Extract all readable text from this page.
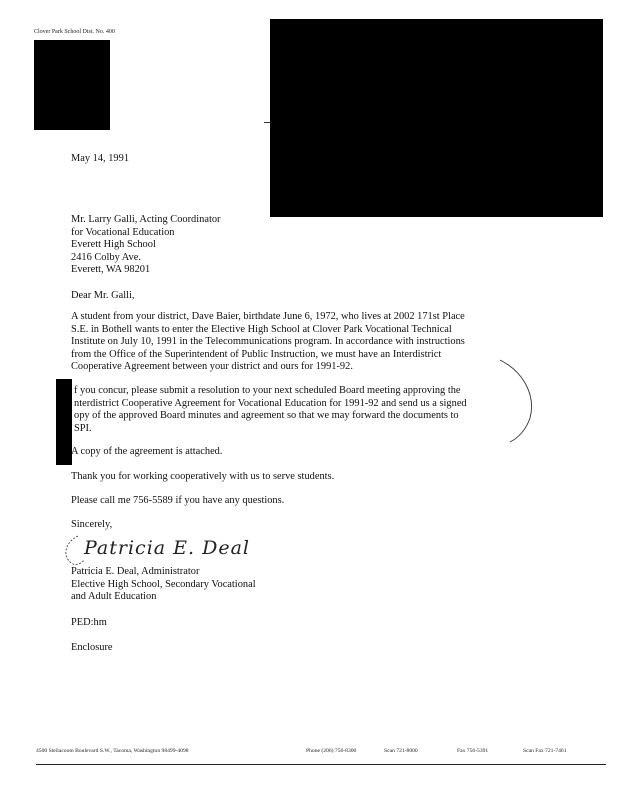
Clover Park School Dist. No. 400
May 14, 1991
Mr. Larry Galli, Acting Coordinator
for Vocational Education
Everett High School
2416 Colby Ave.
Everett, WA 98201
Dear Mr. Galli,
A student from your district, Dave Baier, birthdate June 6, 1972, who lives at 2002 171st Place
S.E. in Bothell wants to enter the Elective High School at Clover Park Vocational Technical
Institute on July 10, 1991 in the Telecommunications program. In accordance with instructions
from the Office of the Superintendent of Public Instruction, we must have an Interdistrict
Cooperative Agreement between your district and ours for 1991-92.
f you concur, please submit a resolution to your next scheduled Board meeting approving the
nterdistrict Cooperative Agreement for Vocational Education for 1991-92 and send us a signed
opy of the approved Board minutes and agreement so that we may forward the documents to
SPI.
A copy of the agreement is attached.
Thank you for working cooperatively with us to serve students.
Please call me 756-5589 if you have any questions.
Sincerely,
Patricia E. Deal
Patricia E. Deal, Administrator
Elective High School, Secondary Vocational
and Adult Education
PED:hm
Enclosure
4500 Steilacoom Boulevard S.W., Tacoma, Washington 98499-4098	Phone (206) 756-8300	Scan 721-8000	Fax 756-5391	Scan Fax 721-7461
